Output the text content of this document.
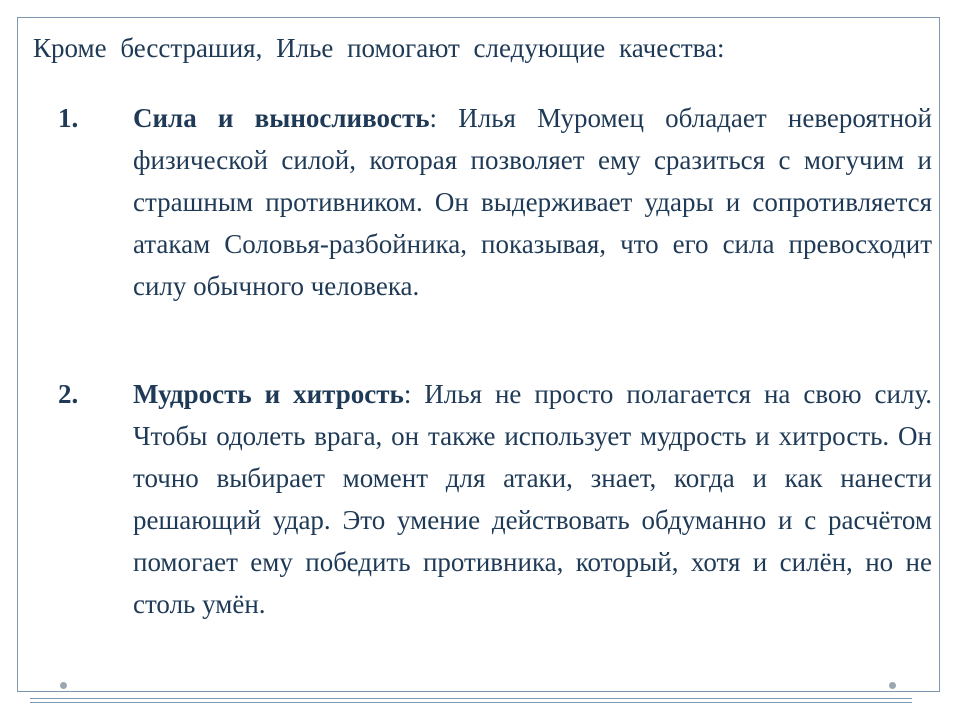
Кроме бесстрашия, Илье помогают следующие качества:

1. Сила и выносливость: Илья Муромец обладает невероятной физической силой, которая позволяет ему сразиться с могучим и страшным противником. Он выдерживает удары и сопротивляется атакам Соловья-разбойника, показывая, что его сила превосходит силу обычного человека.
2. Мудрость и хитрость: Илья не просто полагается на свою силу. Чтобы одолеть врага, он также использует мудрость и хитрость. Он точно выбирает момент для атаки, знает, когда и как нанести решающий удар. Это умение действовать обдуманно и с расчётом помогает ему победить противника, который, хотя и силён, но не столь умён.
